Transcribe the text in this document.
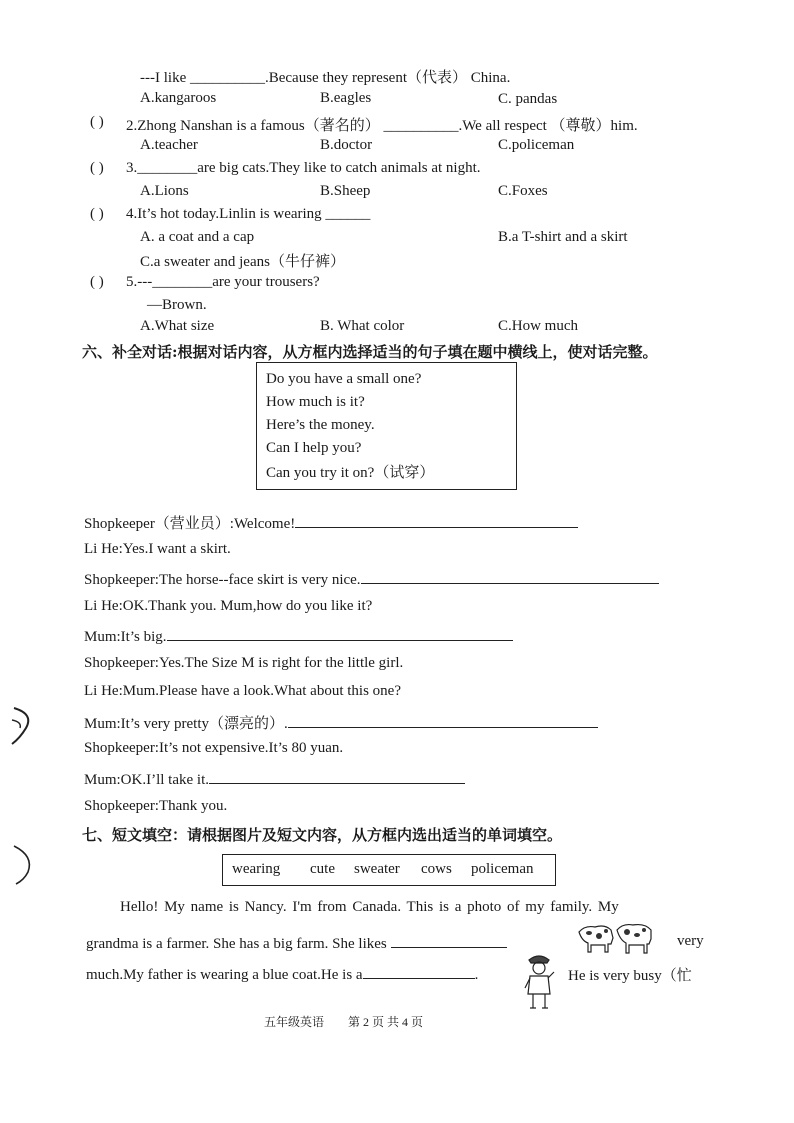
---I like __________.Because they represent（代表） China.
A.kangaroos	B.eagles	C. pandas
( ) 2.Zhong Nanshan is a famous（著名的） __________.We all respect （尊敬）him.
A.teacher	B.doctor	C.policeman
( ) 3.________are big cats.They like to catch animals at night.
A.Lions	B.Sheep	C.Foxes
( ) 4.It’s hot today.Linlin is wearing ______
A. a coat and a cap	B.a T-shirt and a skirt
C.a sweater and jeans（牛仔裤）
( ) 5.---________are your trousers?
—Brown.
A.What size	B. What color	C.How much
六、补全对话:根据对话内容，从方框内选择适当的句子填在题中横线上，使对话完整。
Do you have a small one?
How much is it?
Here’s the money.
Can I help you?
Can you try it on?（试穿）
Shopkeeper（营业员）:Welcome!
Li He:Yes.I want a skirt.
Shopkeeper:The horse--face skirt is very nice.
Li He:OK.Thank you. Mum,how do you like it?
Mum:It’s big.
Shopkeeper:Yes.The Size M is right for the little girl.
Li He:Mum.Please have a look.What about this one?
Mum:It’s very pretty（漂亮的）.
Shopkeeper:It’s not expensive.It’s 80 yuan.
Mum:OK.I’ll take it.
Shopkeeper:Thank you.
七、短文填空：请根据图片及短文内容，从方框内选出适当的单词填空。
wearing cute sweater cows policeman
Hello! My name is Nancy. I'm from Canada. This is a photo of my family. My
grandma is a farmer. She has a big farm. She likes	very
much.My father is wearing a blue coat.He is a	.	He is very busy（忙
五年级英语 第 2 页 共 4 页
